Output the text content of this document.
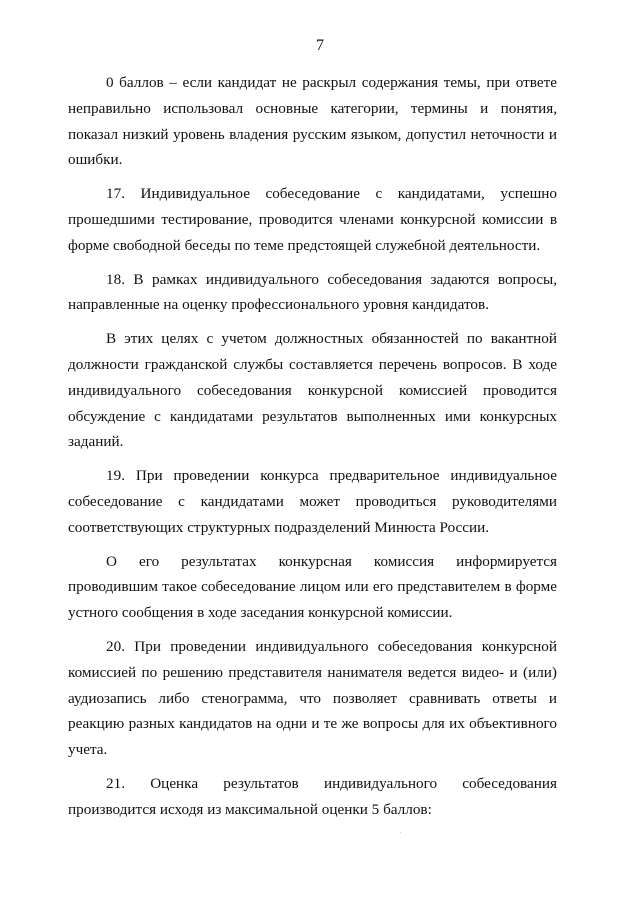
7

0 баллов – если кандидат не раскрыл содержания темы, при ответе неправильно использовал основные категории, термины и понятия, показал низкий уровень владения русским языком, допустил неточности и ошибки.

17. Индивидуальное собеседование с кандидатами, успешно прошедшими тестирование, проводится членами конкурсной комиссии в форме свободной беседы по теме предстоящей служебной деятельности.

18. В рамках индивидуального собеседования задаются вопросы, направленные на оценку профессионального уровня кандидатов.

В этих целях с учетом должностных обязанностей по вакантной должности гражданской службы составляется перечень вопросов. В ходе индивидуального собеседования конкурсной комиссией проводится обсуждение с кандидатами результатов выполненных ими конкурсных заданий.

19. При проведении конкурса предварительное индивидуальное собеседование с кандидатами может проводиться руководителями соответствующих структурных подразделений Минюста России.

О его результатах конкурсная комиссия информируется проводившим такое собеседование лицом или его представителем в форме устного сообщения в ходе заседания конкурсной комиссии.

20. При проведении индивидуального собеседования конкурсной комиссией по решению представителя нанимателя ведется видео- и (или) аудиозапись либо стенограмма, что позволяет сравнивать ответы и реакцию разных кандидатов на одни и те же вопросы для их объективного учета.

21. Оценка результатов индивидуального собеседования производится исходя из максимальной оценки 5 баллов:
